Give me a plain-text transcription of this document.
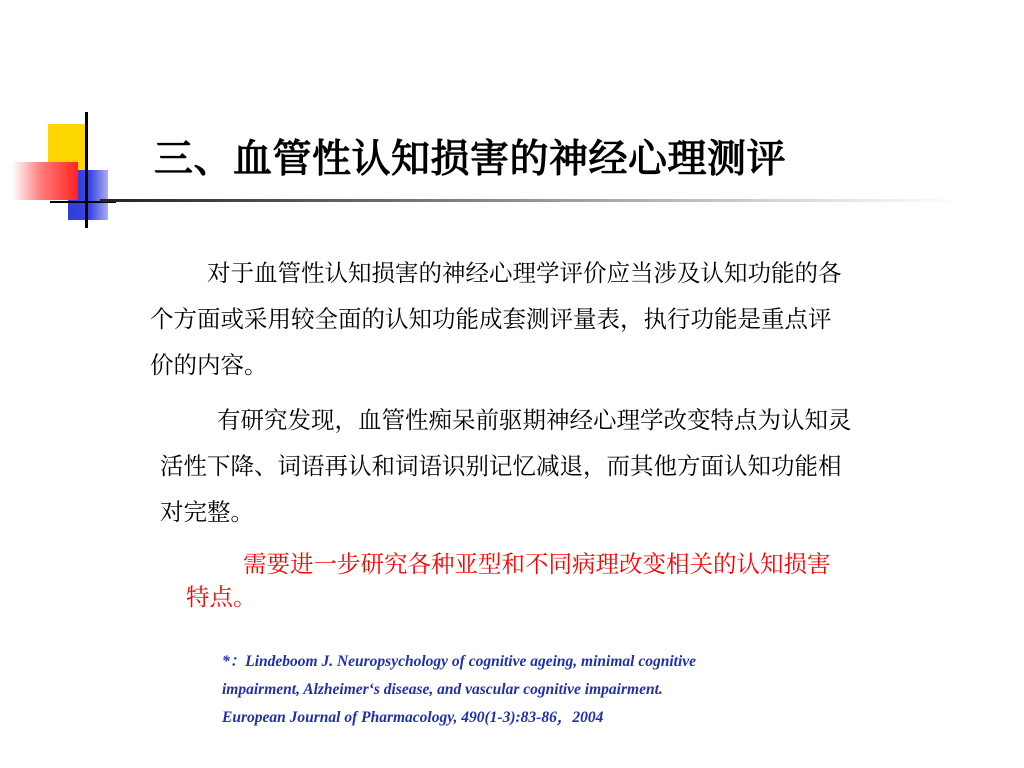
三、血管性认知损害的神经心理测评

对于血管性认知损害的神经心理学评价应当涉及认知功能的各个方面或采用较全面的认知功能成套测评量表，执行功能是重点评价的内容。

有研究发现，血管性痴呆前驱期神经心理学改变特点为认知灵活性下降、词语再认和词语识别记忆减退，而其他方面认知功能相对完整。

需要进一步研究各种亚型和不同病理改变相关的认知损害特点。

*：Lindeboom J. Neuropsychology of cognitive ageing, minimal cognitive
impairment, Alzheimer‘s disease, and vascular cognitive impairment.
European Journal of Pharmacology, 490(1-3):83-86，2004
